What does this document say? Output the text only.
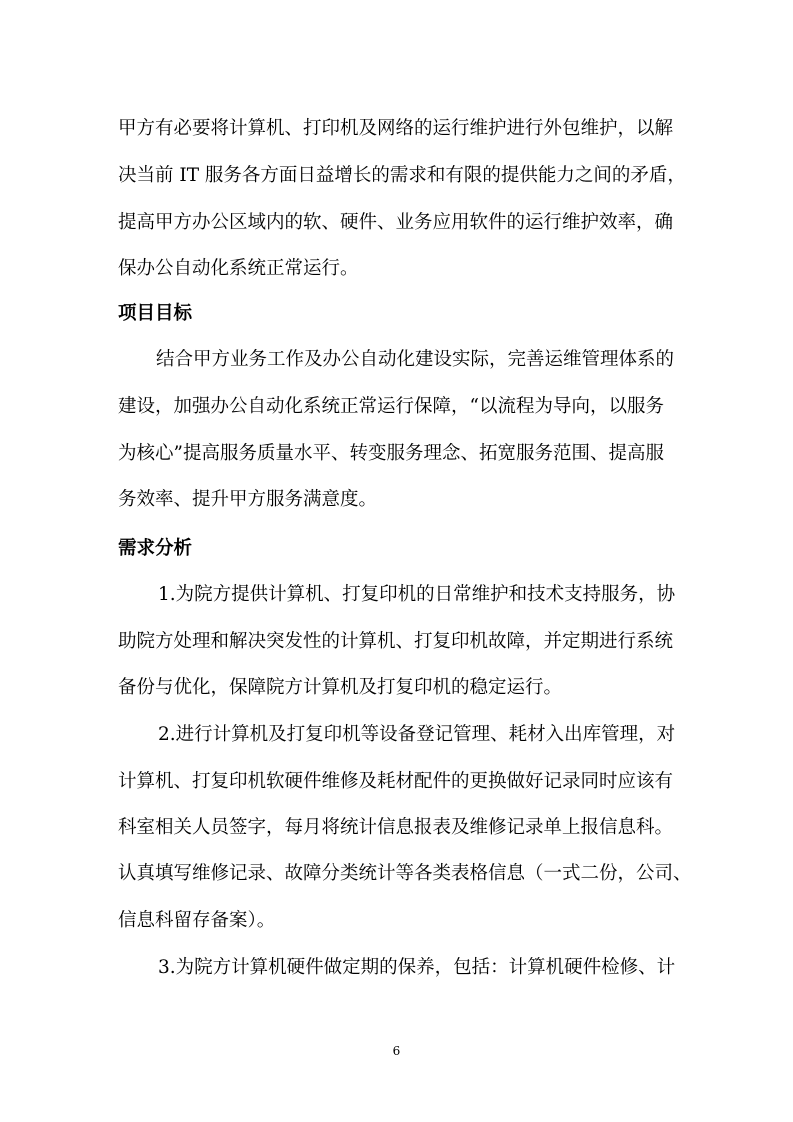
甲方有必要将计算机、打印机及网络的运行维护进行外包维护，以解
决当前 IT 服务各方面日益增长的需求和有限的提供能力之间的矛盾，
提高甲方办公区域内的软、硬件、业务应用软件的运行维护效率，确
保办公自动化系统正常运行。
项目目标
结合甲方业务工作及办公自动化建设实际，完善运维管理体系的
建设，加强办公自动化系统正常运行保障，“以流程为导向，以服务
为核心”提高服务质量水平、转变服务理念、拓宽服务范围、提高服
务效率、提升甲方服务满意度。
需求分析
1.为院方提供计算机、打复印机的日常维护和技术支持服务，协
助院方处理和解决突发性的计算机、打复印机故障，并定期进行系统
备份与优化，保障院方计算机及打复印机的稳定运行。
2.进行计算机及打复印机等设备登记管理、耗材入出库管理，对
计算机、打复印机软硬件维修及耗材配件的更换做好记录同时应该有
科室相关人员签字，每月将统计信息报表及维修记录单上报信息科。
认真填写维修记录、故障分类统计等各类表格信息（一式二份，公司、
信息科留存备案）。
3.为院方计算机硬件做定期的保养，包括：计算机硬件检修、计
6
